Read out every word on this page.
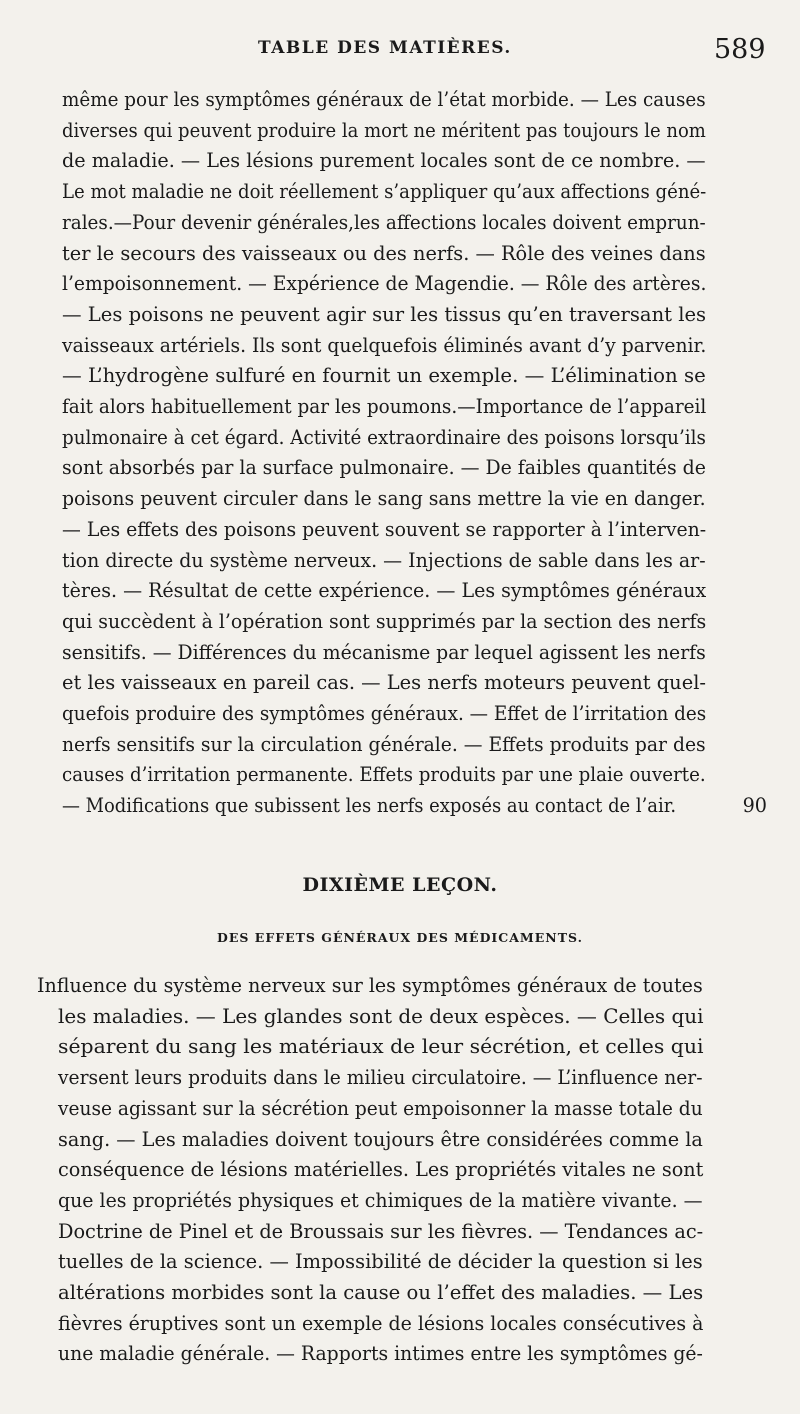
TABLE DES MATIÈRES.	589
même pour les symptômes généraux de l’état morbide. — Les causes
diverses qui peuvent produire la mort ne méritent pas toujours le nom
de maladie. — Les lésions purement locales sont de ce nombre. —
Le mot maladie ne doit réellement s’appliquer qu’aux affections géné-
rales.—Pour devenir générales,les affections locales doivent emprun-
ter le secours des vaisseaux ou des nerfs. — Rôle des veines dans
l’empoisonnement. — Expérience de Magendie. — Rôle des artères.
— Les poisons ne peuvent agir sur les tissus qu’en traversant les
vaisseaux artériels. Ils sont quelquefois éliminés avant d’y parvenir.
— L’hydrogène sulfuré en fournit un exemple. — L’élimination se
fait alors habituellement par les poumons.—Importance de l’appareil
pulmonaire à cet égard. Activité extraordinaire des poisons lorsqu’ils
sont absorbés par la surface pulmonaire. — De faibles quantités de
poisons peuvent circuler dans le sang sans mettre la vie en danger.
— Les effets des poisons peuvent souvent se rapporter à l’interven-
tion directe du système nerveux. — Injections de sable dans les ar-
tères. — Résultat de cette expérience. — Les symptômes généraux
qui succèdent à l’opération sont supprimés par la section des nerfs
sensitifs. — Différences du mécanisme par lequel agissent les nerfs
et les vaisseaux en pareil cas. — Les nerfs moteurs peuvent quel-
quefois produire des symptômes généraux. — Effet de l’irritation des
nerfs sensitifs sur la circulation générale. — Effets produits par des
causes d’irritation permanente. Effets produits par une plaie ouverte.
— Modifications que subissent les nerfs exposés au contact de l’air.	90
DIXIÈME LEÇON.
DES EFFETS GÉNÉRAUX DES MÉDICAMENTS.
Influence du système nerveux sur les symptômes généraux de toutes
les maladies. — Les glandes sont de deux espèces. — Celles qui
séparent du sang les matériaux de leur sécrétion, et celles qui
versent leurs produits dans le milieu circulatoire. — L’influence ner-
veuse agissant sur la sécrétion peut empoisonner la masse totale du
sang. — Les maladies doivent toujours être considérées comme la
conséquence de lésions matérielles. Les propriétés vitales ne sont
que les propriétés physiques et chimiques de la matière vivante. —
Doctrine de Pinel et de Broussais sur les fièvres. — Tendances ac-
tuelles de la science. — Impossibilité de décider la question si les
altérations morbides sont la cause ou l’effet des maladies. — Les
fièvres éruptives sont un exemple de lésions locales consécutives à
une maladie générale. — Rapports intimes entre les symptômes gé-
